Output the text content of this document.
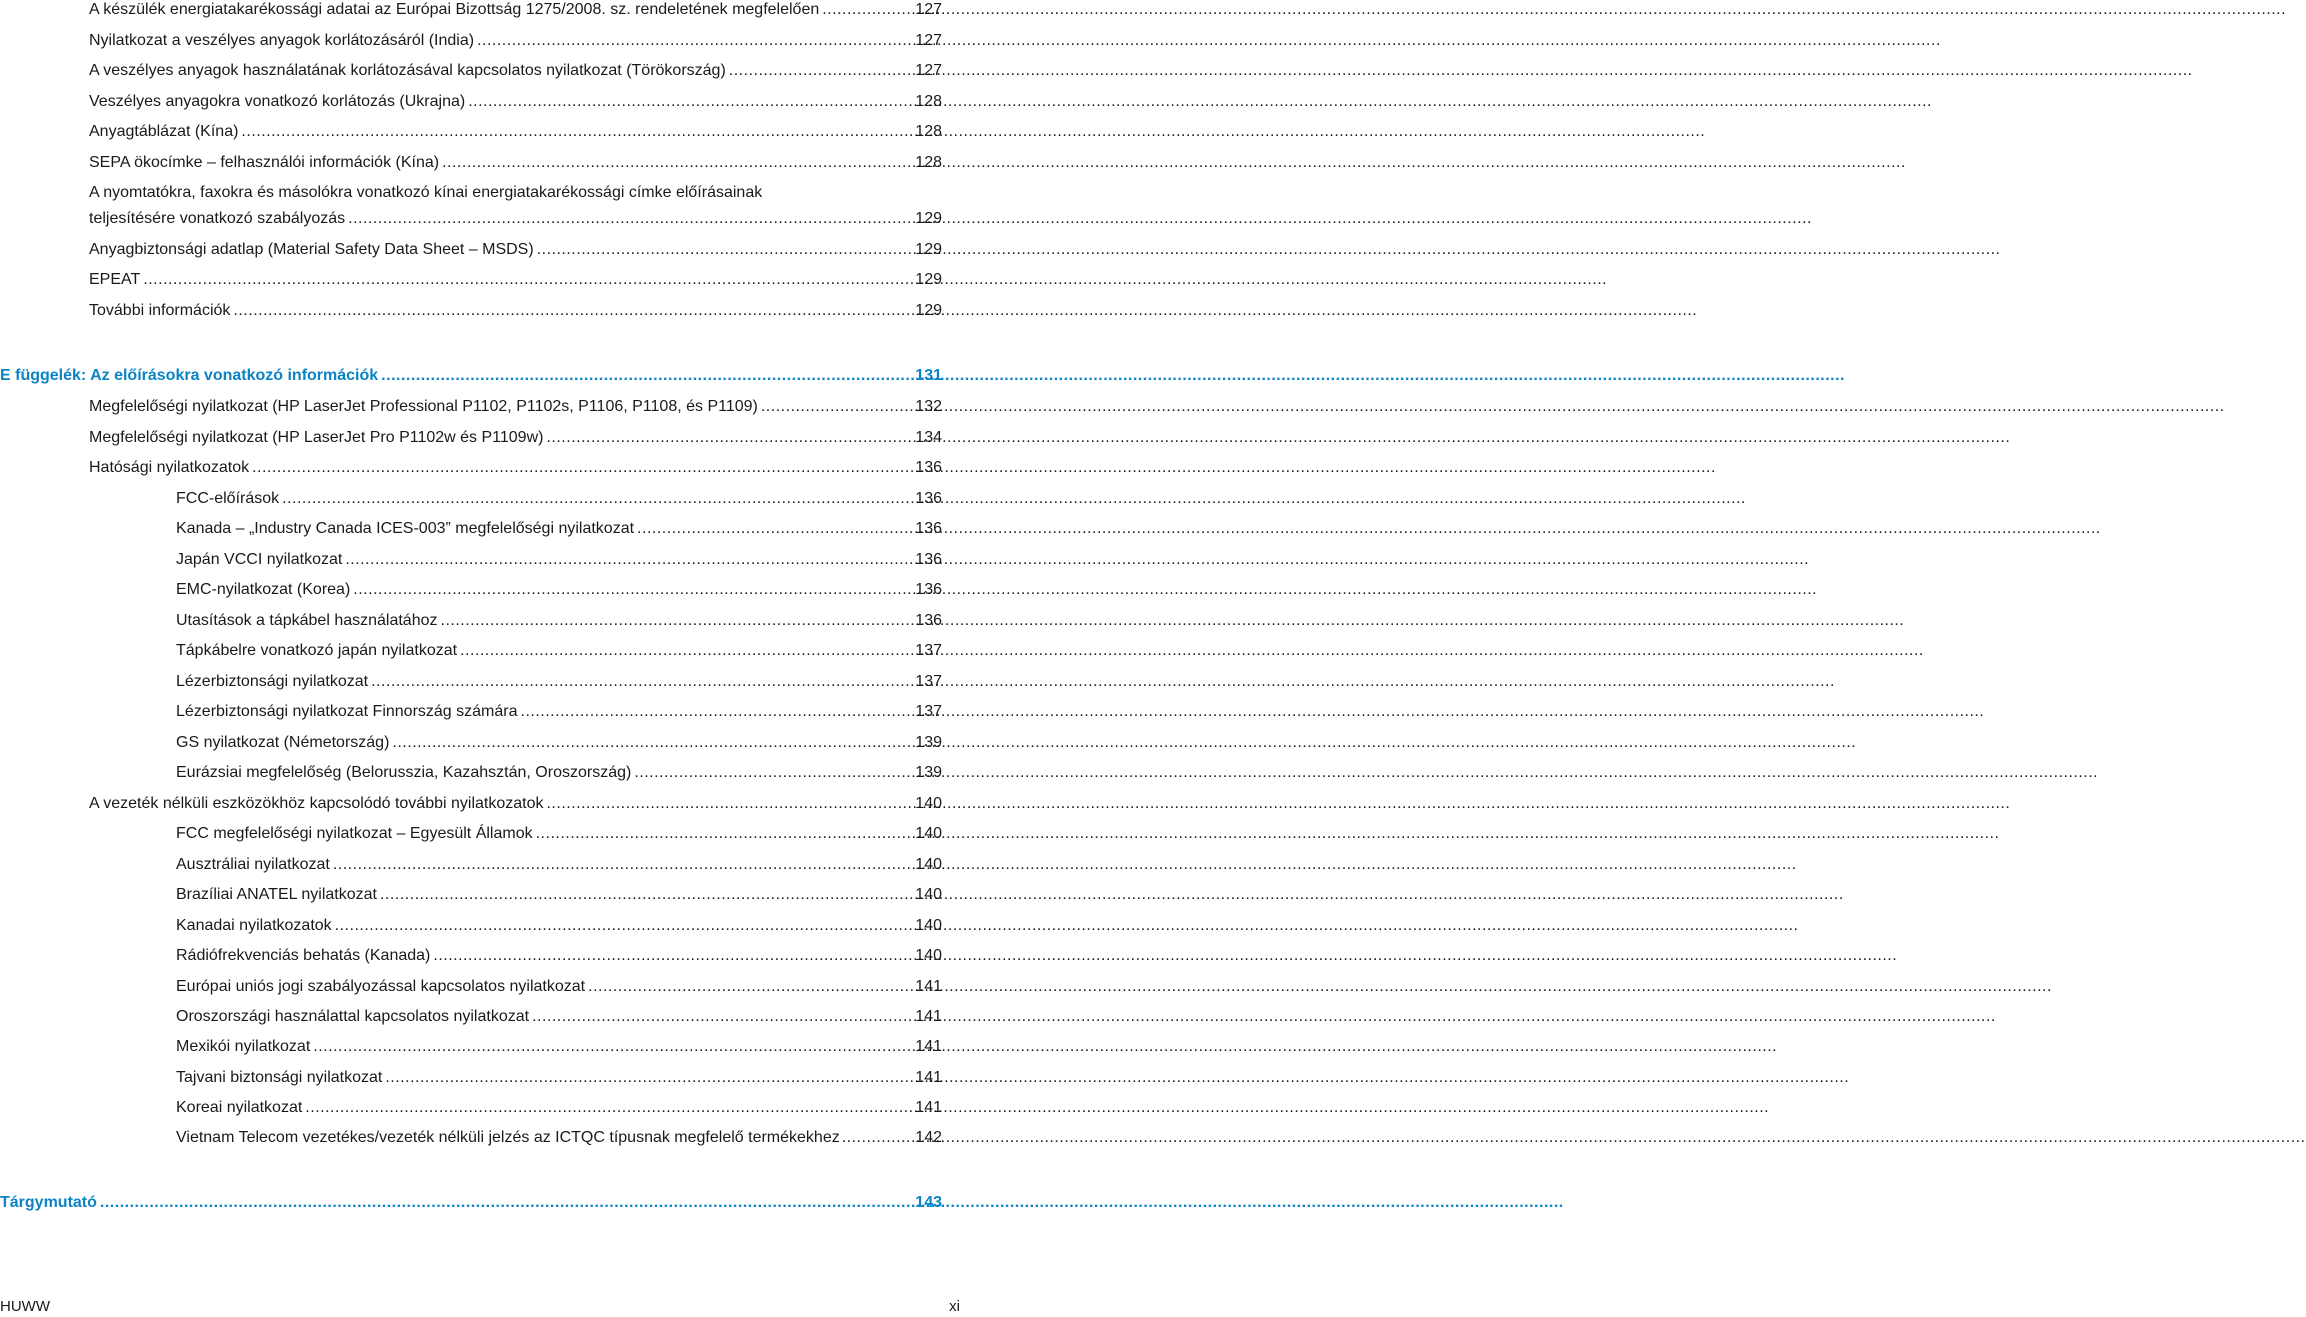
A készülék energiatakarékossági adatai az Európai Bizottság 1275/2008. sz. rendeletének megfelelően .....	127
Nyilatkozat a veszélyes anyagok korlátozásáról (India) .....	127
A veszélyes anyagok használatának korlátozásával kapcsolatos nyilatkozat (Törökország) .....	127
Veszélyes anyagokra vonatkozó korlátozás (Ukrajna) .....	128
Anyagtáblázat (Kína) .....	128
SEPA ökocímke – felhasználói információk (Kína) .....	128
A nyomtatókra, faxokra és másolókra vonatkozó kínai energiatakarékossági címke előírásainak
teljesítésére vonatkozó szabályozás .....	129
Anyagbiztonsági adatlap (Material Safety Data Sheet – MSDS) .....	129
EPEAT .....	129
További információk .....	129
E függelék: Az előírásokra vonatkozó információk .....	131
Megfelelőségi nyilatkozat (HP LaserJet Professional P1102, P1102s, P1106, P1108, és P1109) .....	132
Megfelelőségi nyilatkozat (HP LaserJet Pro P1102w és P1109w) .....	134
Hatósági nyilatkozatok .....	136
FCC-előírások .....	136
Kanada – „Industry Canada ICES-003” megfelelőségi nyilatkozat .....	136
Japán VCCI nyilatkozat .....	136
EMC-nyilatkozat (Korea) .....	136
Utasítások a tápkábel használatához .....	136
Tápkábelre vonatkozó japán nyilatkozat .....	137
Lézerbiztonsági nyilatkozat .....	137
Lézerbiztonsági nyilatkozat Finnország számára .....	137
GS nyilatkozat (Németország) .....	139
Eurázsiai megfelelőség (Belorusszia, Kazahsztán, Oroszország) .....	139
A vezeték nélküli eszközökhöz kapcsolódó további nyilatkozatok .....	140
FCC megfelelőségi nyilatkozat – Egyesült Államok .....	140
Ausztráliai nyilatkozat .....	140
Brazíliai ANATEL nyilatkozat .....	140
Kanadai nyilatkozatok .....	140
Rádiófrekvenciás behatás (Kanada) .....	140
Európai uniós jogi szabályozással kapcsolatos nyilatkozat .....	141
Oroszországi használattal kapcsolatos nyilatkozat .....	141
Mexikói nyilatkozat .....	141
Tajvani biztonsági nyilatkozat .....	141
Koreai nyilatkozat .....	141
Vietnam Telecom vezetékes/vezeték nélküli jelzés az ICTQC típusnak megfelelő termékekhez .....	142
Tárgymutató .....	143
HUWW	xi
